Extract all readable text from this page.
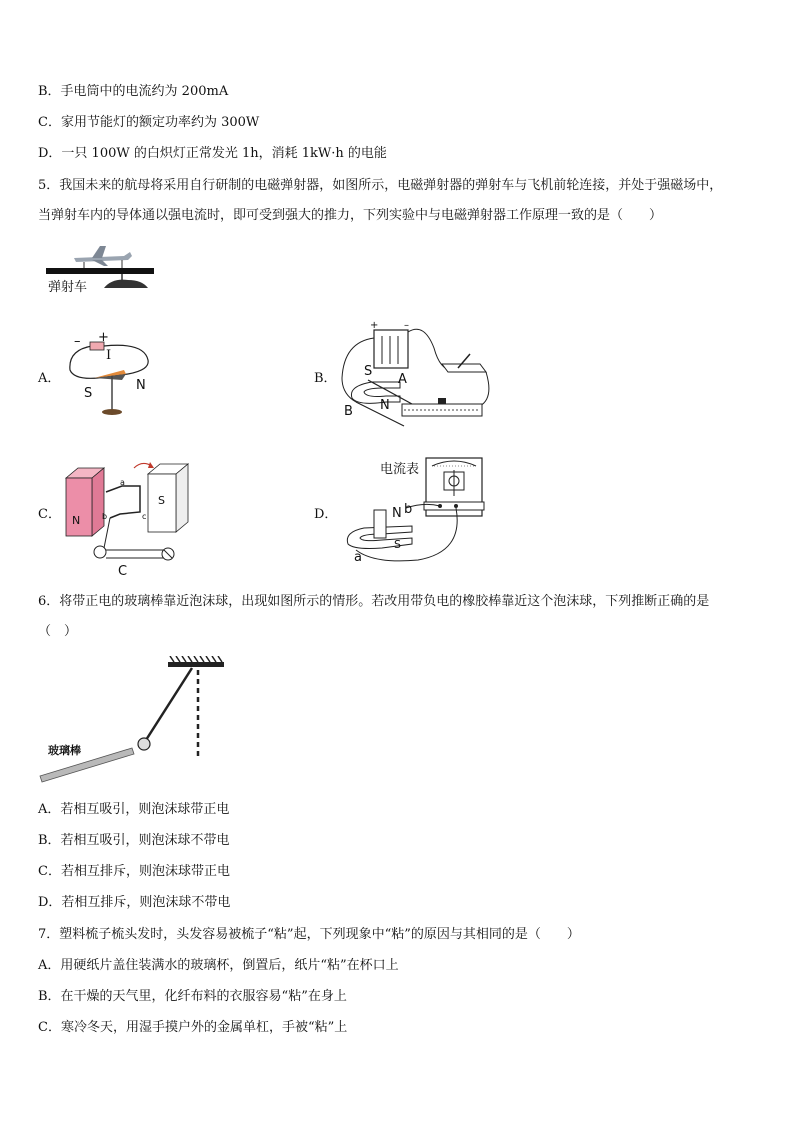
B．手电筒中的电流约为 200mA
C．家用节能灯的额定功率约为 300W
D．一只 100W 的白炽灯正常发光 1h，消耗 1kW·h 的电能
5．我国未来的航母将采用自行研制的电磁弹射器，如图所示，电磁弹射器的弹射车与飞机前轮连接，并处于强磁场中，
当弹射车内的导体通以强电流时，即可受到强大的推力，下列实验中与电磁弹射器工作原理一致的是（　　）
弹射车
A．
– +
I
S
N	B．
+	–
S
A
B N
C． N
S
a
b	c
C
D．
电流表
N b
S
a
6．将带正电的玻璃棒靠近泡沫球，出现如图所示的情形。若改用带负电的橡胶棒靠近这个泡沫球，下列推断正确的是
（　）
玻璃棒
A．若相互吸引，则泡沫球带正电
B．若相互吸引，则泡沫球不带电
C．若相互排斥，则泡沫球带正电
D．若相互排斥，则泡沫球不带电
7．塑料梳子梳头发时，头发容易被梳子“粘”起，下列现象中“粘”的原因与其相同的是（　　）
A．用硬纸片盖住装满水的玻璃杯，倒置后，纸片“粘”在杯口上
B．在干燥的天气里，化纤布料的衣服容易“粘”在身上
C．寒冷冬天，用湿手摸户外的金属单杠，手被“粘”上
